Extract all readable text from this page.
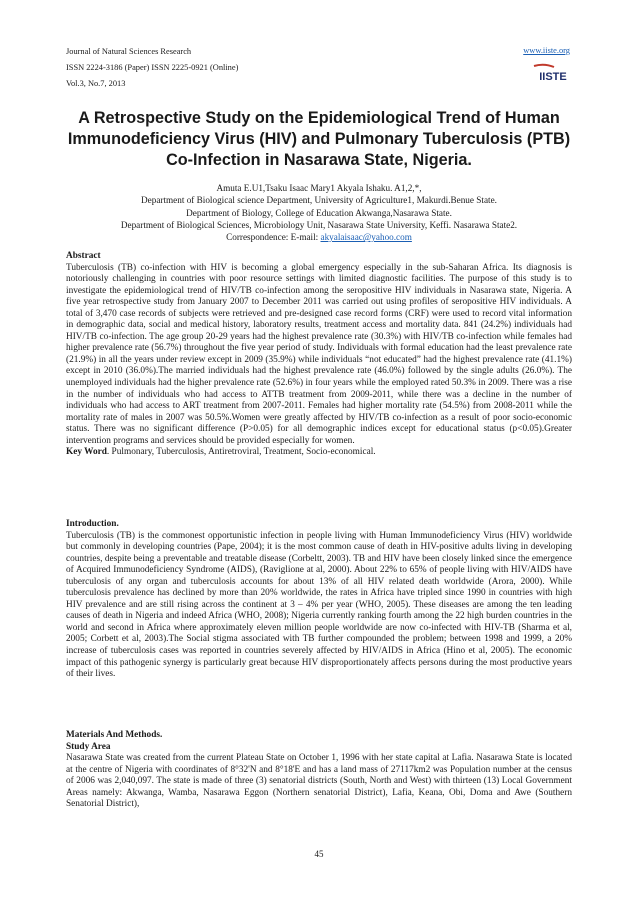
Journal of Natural Sciences Research
ISSN 2224-3186 (Paper) ISSN 2225-0921 (Online)
Vol.3, No.7, 2013
www.iiste.org
IISTE
A Retrospective Study on the Epidemiological Trend of Human Immunodeficiency Virus (HIV) and Pulmonary Tuberculosis (PTB) Co-Infection in Nasarawa State, Nigeria.
Amuta E.U1,Tsaku Isaac Mary1 Akyala Ishaku. A1,2,*,
Department of Biological science Department, University of Agriculture1, Makurdi.Benue State.
Department of Biology, College of Education Akwanga,Nasarawa State.
Department of Biological Sciences, Microbiology Unit, Nasarawa State University, Keffi. Nasarawa State2.
Correspondence: E-mail: akyalaisaac@yahoo.com

Abstract

Tuberculosis (TB) co-infection with HIV is becoming a global emergency especially in the sub-Saharan Africa. Its diagnosis is notoriously challenging in countries with poor resource settings with limited diagnostic facilities. The purpose of this study is to investigate the epidemiological trend of HIV/TB co-infection among the seropositive HIV individuals in Nasarawa state, Nigeria. A five year retrospective study from January 2007 to December 2011 was carried out using profiles of seropositive HIV individuals. A total of 3,470 case records of subjects were retrieved and pre-designed case record forms (CRF) were used to record vital information in demographic data, social and medical history, laboratory results, treatment access and mortality data. 841 (24.2%) individuals had HIV/TB co-infection. The age group 20-29 years had the highest prevalence rate (30.3%) with HIV/TB co-infection while females had higher prevalence rate (56.7%) throughout the five year period of study. Individuals with formal education had the least prevalence rate (21.9%) in all the years under review except in 2009 (35.9%) while individuals “not educated” had the highest prevalence rate (41.1%) except in 2010 (36.0%).The married individuals had the highest prevalence rate (46.0%) followed by the single adults (26.0%). The unemployed individuals had the higher prevalence rate (52.6%) in four years while the employed rated 50.3% in 2009. There was a rise in the number of individuals who had access to ATTB treatment from 2009-2011, while there was a decline in the number of individuals who had access to ART treatment from 2007-2011. Females had higher mortality rate (54.5%) from 2008-2011 while the mortality rate of males in 2007 was 50.5%.Women were greatly affected by HIV/TB co-infection as a result of poor socio-economic status. There was no significant difference (P>0.05) for all demographic indices except for educational status (p<0.05).Greater intervention programs and services should be provided especially for women.

Key Word. Pulmonary, Tuberculosis, Antiretroviral, Treatment, Socio-economical.

Introduction.

Tuberculosis (TB) is the commonest opportunistic infection in people living with Human Immunodeficiency Virus (HIV) worldwide but commonly in developing countries (Pape, 2004); it is the most common cause of death in HIV-positive adults living in developing countries, despite being a preventable and treatable disease (Corbeltt, 2003). TB and HIV have been closely linked since the emergence of Acquired Immunodeficiency Syndrome (AIDS), (Raviglione at al, 2000). About 22% to 65% of people living with HIV/AIDS have tuberculosis of any organ and tuberculosis accounts for about 13% of all HIV related death worldwide (Arora, 2000). While tuberculosis prevalence has declined by more than 20% worldwide, the rates in Africa have tripled since 1990 in countries with high HIV prevalence and are still rising across the continent at 3 – 4% per year (WHO, 2005). These diseases are among the ten leading causes of death in Nigeria and indeed Africa (WHO, 2008); Nigeria currently ranking fourth among the 22 high burden countries in the world and second in Africa where approximately eleven million people worldwide are now co-infected with HIV-TB (Sharma et al, 2005; Corbett et al, 2003).The Social stigma associated with TB further compounded the problem; between 1998 and 1999, a 20% increase of tuberculosis cases was reported in countries severely affected by HIV/AIDS in Africa (Hino et al, 2005). The economic impact of this pathogenic synergy is particularly great because HIV disproportionately affects persons during the most productive years of their lives.

Materials And Methods.

Study Area

Nasarawa State was created from the current Plateau State on October 1, 1996 with her state capital at Lafia. Nasarawa State is located at the centre of Nigeria with coordinates of 8°32'N and 8°18'E and has a land mass of 27117km2 was Population number at the census of 2006 was 2,040,097. The state is made of three (3) senatorial districts (South, North and West) with thirteen (13) Local Government Areas namely: Akwanga, Wamba, Nasarawa Eggon (Northern senatorial District), Lafia, Keana, Obi, Doma and Awe (Southern Senatorial District),

45
